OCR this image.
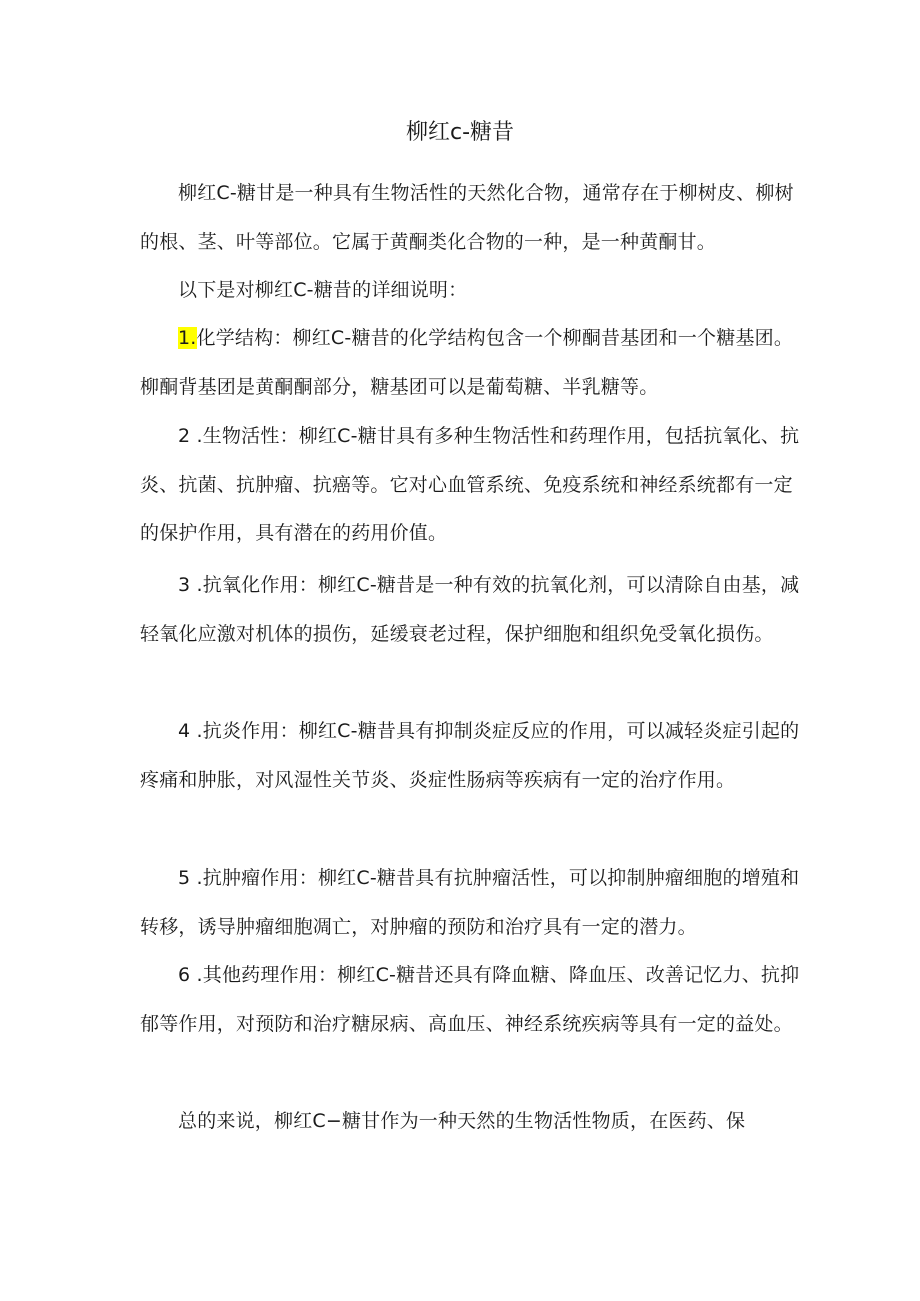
柳红c-糖昔

柳红C-糖甘是一种具有生物活性的天然化合物，通常存在于柳树皮、柳树的根、茎、叶等部位。它属于黄酮类化合物的一种，是一种黄酮甘。

以下是对柳红C-糖昔的详细说明：

1.化学结构：柳红C-糖昔的化学结构包含一个柳酮昔基团和一个糖基团。柳酮背基团是黄酮酮部分，糖基团可以是葡萄糖、半乳糖等。

2 .生物活性：柳红C-糖甘具有多种生物活性和药理作用，包括抗氧化、抗炎、抗菌、抗肿瘤、抗癌等。它对心血管系统、免疫系统和神经系统都有一定的保护作用，具有潜在的药用价值。

3 .抗氧化作用：柳红C-糖昔是一种有效的抗氧化剂，可以清除自由基，减轻氧化应激对机体的损伤，延缓衰老过程，保护细胞和组织免受氧化损伤。

4 .抗炎作用：柳红C-糖昔具有抑制炎症反应的作用，可以减轻炎症引起的疼痛和肿胀，对风湿性关节炎、炎症性肠病等疾病有一定的治疗作用。

5 .抗肿瘤作用：柳红C-糖昔具有抗肿瘤活性，可以抑制肿瘤细胞的增殖和转移，诱导肿瘤细胞凋亡，对肿瘤的预防和治疗具有一定的潜力。

6 .其他药理作用：柳红C-糖昔还具有降血糖、降血压、改善记忆力、抗抑郁等作用，对预防和治疗糖尿病、高血压、神经系统疾病等具有一定的益处。

总的来说，柳红C−糖甘作为一种天然的生物活性物质，在医药、保
